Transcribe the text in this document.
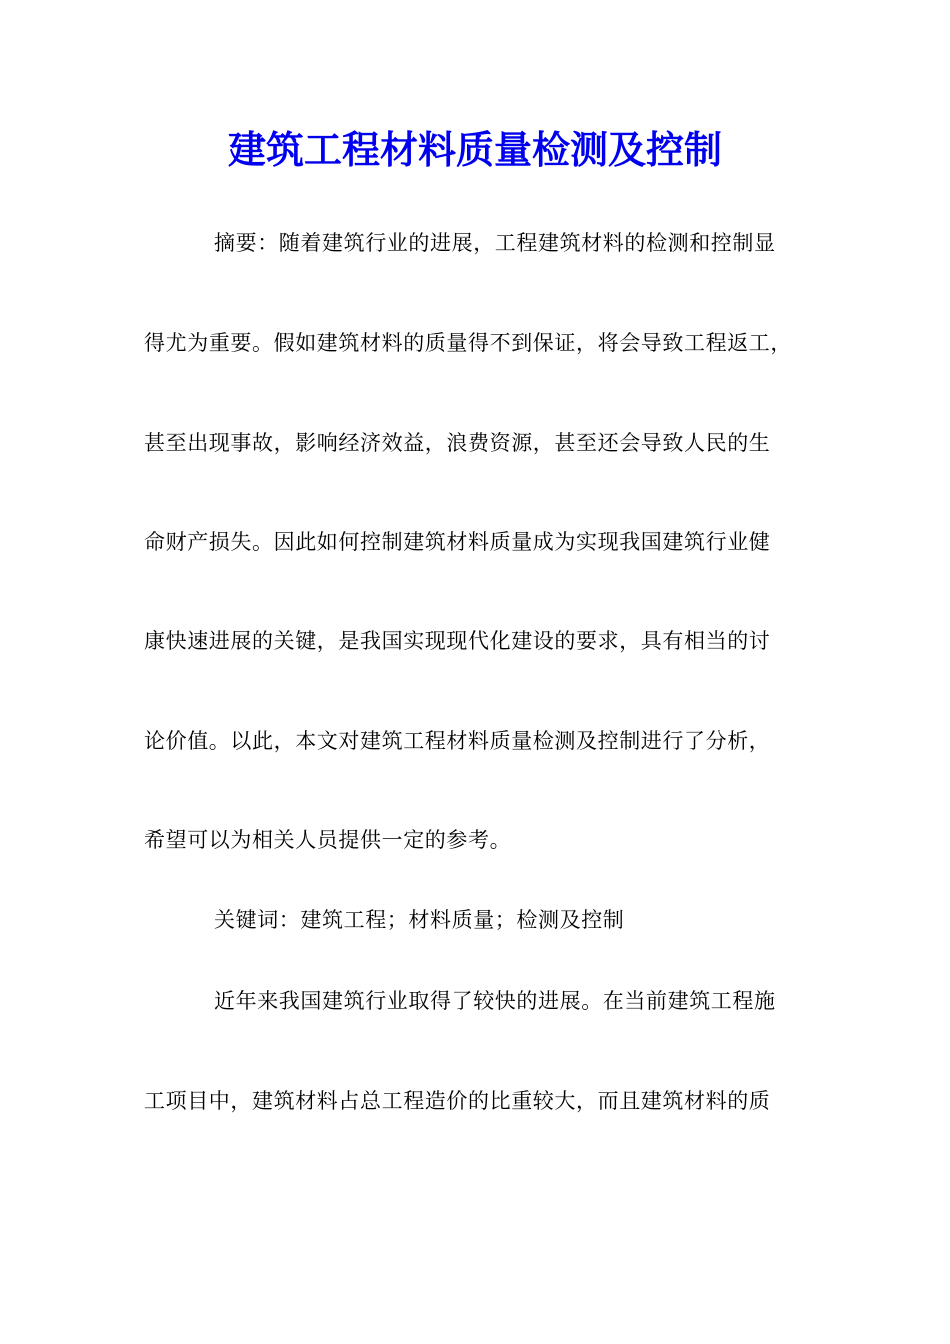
建筑工程材料质量检测及控制
摘要：随着建筑行业的进展，工程建筑材料的检测和控制显
得尤为重要。假如建筑材料的质量得不到保证，将会导致工程返工，
甚至出现事故，影响经济效益，浪费资源，甚至还会导致人民的生
命财产损失。因此如何控制建筑材料质量成为实现我国建筑行业健
康快速进展的关键，是我国实现现代化建设的要求，具有相当的讨
论价值。以此，本文对建筑工程材料质量检测及控制进行了分析，
希望可以为相关人员提供一定的参考。
关键词：建筑工程；材料质量；检测及控制
近年来我国建筑行业取得了较快的进展。在当前建筑工程施
工项目中，建筑材料占总工程造价的比重较大，而且建筑材料的质
